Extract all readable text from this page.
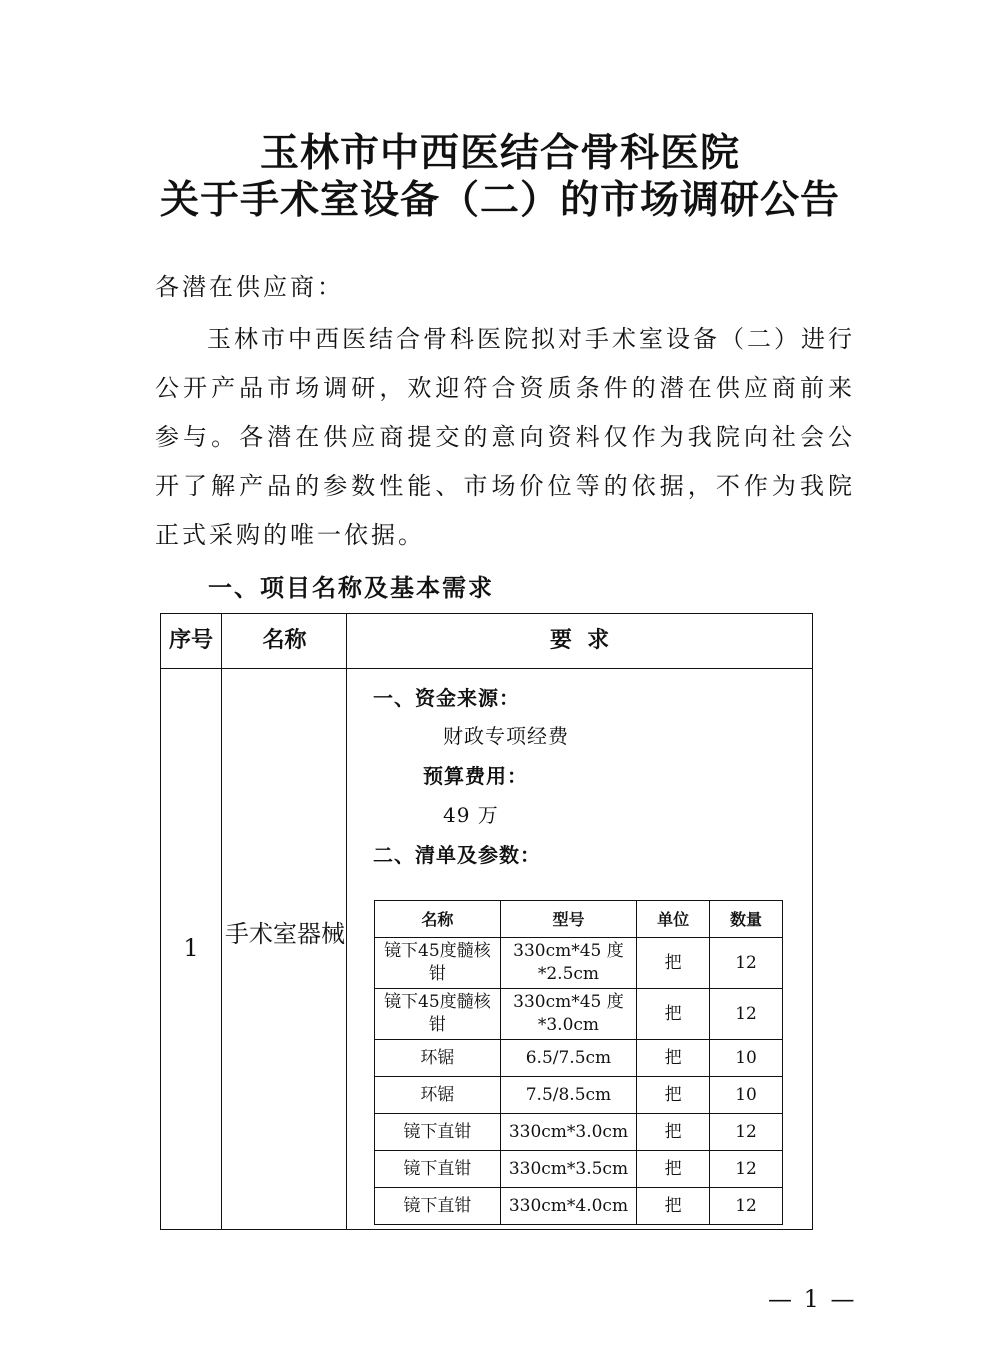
玉林市中西医结合骨科医院
关于手术室设备（二）的市场调研公告
各潜在供应商：
玉林市中西医结合骨科医院拟对手术室设备（二）进行公开产品市场调研，欢迎符合资质条件的潜在供应商前来参与。各潜在供应商提交的意向资料仅作为我院向社会公开了解产品的参数性能、市场价位等的依据，不作为我院正式采购的唯一依据。
一、项目名称及基本需求
序号	名称	要  求
1	手术室器械
一、资金来源：
财政专项经费
预算费用：
49 万
二、清单及参数：
名称	型号	单位	数量
镜下45度髓核钳	330cm*45 度*2.5cm	把	12
镜下45度髓核钳	330cm*45 度*3.0cm	把	12
环锯	6.5/7.5cm	把	10
环锯	7.5/8.5cm	把	10
镜下直钳	330cm*3.0cm	把	12
镜下直钳	330cm*3.5cm	把	12
镜下直钳	330cm*4.0cm	把	12
— 1 —
